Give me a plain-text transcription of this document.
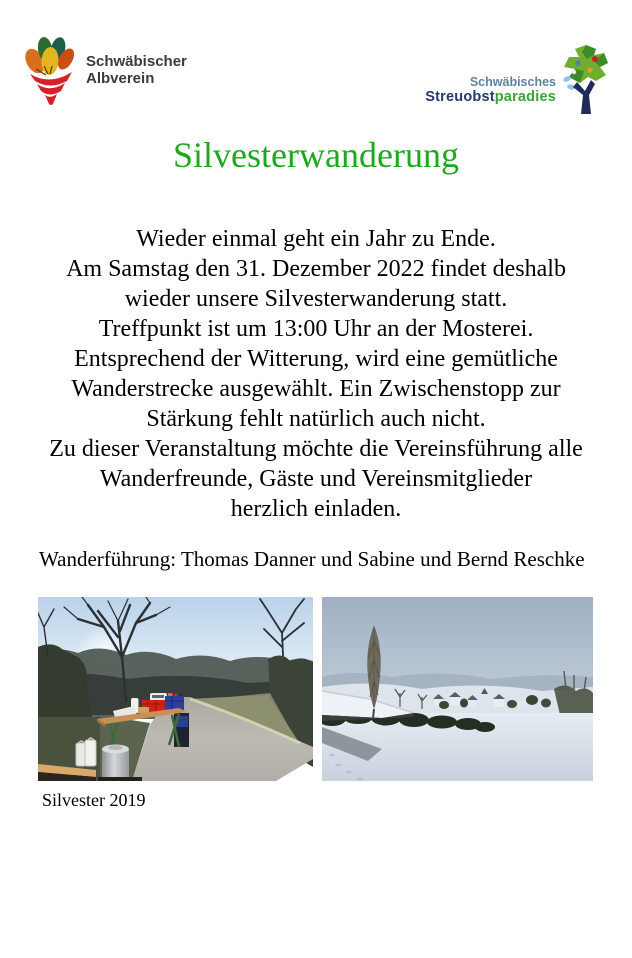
Schwäbischer
Albverein	Schwäbisches
Streuobstparadies
Silvesterwanderung
Wieder einmal geht ein Jahr zu Ende.
Am Samstag den 31. Dezember 2022 findet deshalb
wieder unsere Silvesterwanderung statt.
Treffpunkt ist um 13:00 Uhr an der Mosterei.
Entsprechend der Witterung, wird eine gemütliche
Wanderstrecke ausgewählt. Ein Zwischenstopp zur
Stärkung fehlt natürlich auch nicht.
Zu dieser Veranstaltung möchte die Vereinsführung alle
Wanderfreunde, Gäste und Vereinsmitglieder
herzlich einladen.
Wanderführung: Thomas Danner und Sabine und Bernd Reschke
Silvester 2019
